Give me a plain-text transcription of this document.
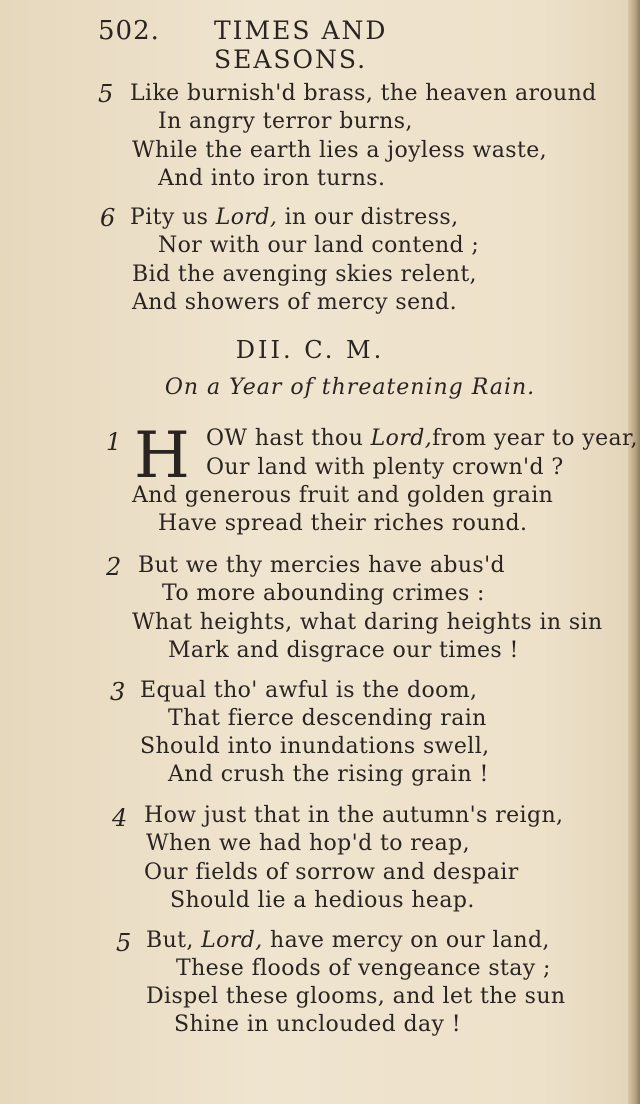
502. TIMES AND SEASONS.
5 Like burnish'd brass, the heaven around
In angry terror burns,
While the earth lies a joyless waste,
And into iron turns.
6 Pity us Lord, in our distress,
Nor with our land contend ;
Bid the avenging skies relent,
And showers of mercy send.
DII. C. M.
On a Year of threatening Rain.
1 H OW hast thou Lord,from year to year,
Our land with plenty crown'd ?
And generous fruit and golden grain
Have spread their riches round.
2 But we thy mercies have abus'd
To more abounding crimes :
What heights, what daring heights in sin
Mark and disgrace our times !
3 Equal tho' awful is the doom,
That fierce descending rain
Should into inundations swell,
And crush the rising grain !
4 How just that in the autumn's reign,
When we had hop'd to reap,
Our fields of sorrow and despair
Should lie a hedious heap.
5 But, Lord, have mercy on our land,
These floods of vengeance stay ;
Dispel these glooms, and let the sun
Shine in unclouded day !
